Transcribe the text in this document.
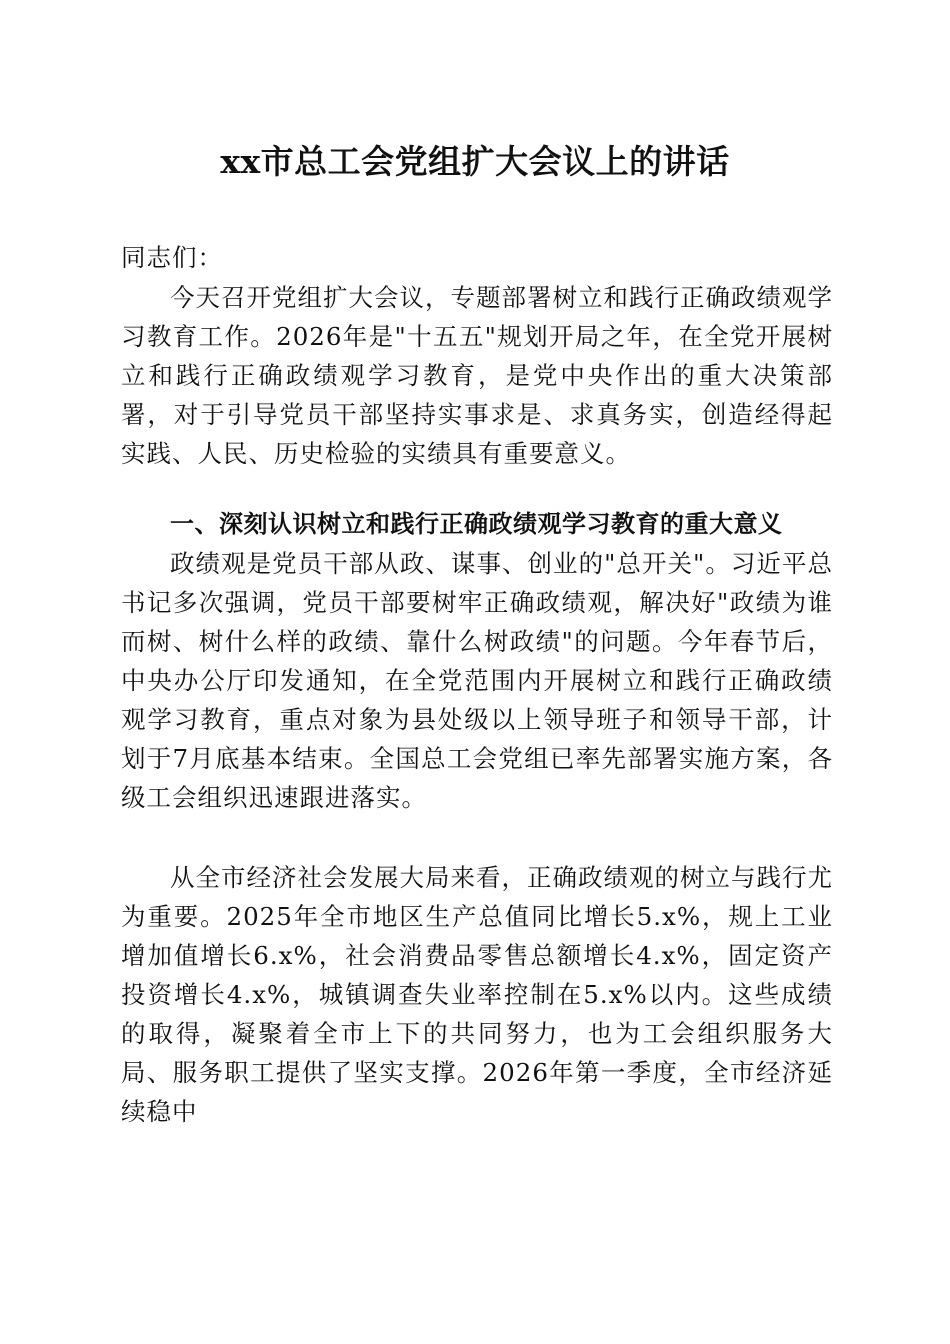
xx市总工会党组扩大会议上的讲话

同志们：

今天召开党组扩大会议，专题部署树立和践行正确政绩观学习教育工作。2026年是"十五五"规划开局之年，在全党开展树立和践行正确政绩观学习教育，是党中央作出的重大决策部署，对于引导党员干部坚持实事求是、求真务实，创造经得起实践、人民、历史检验的实绩具有重要意义。

一、深刻认识树立和践行正确政绩观学习教育的重大意义

政绩观是党员干部从政、谋事、创业的"总开关"。习近平总书记多次强调，党员干部要树牢正确政绩观，解决好"政绩为谁而树、树什么样的政绩、靠什么树政绩"的问题。今年春节后，中央办公厅印发通知，在全党范围内开展树立和践行正确政绩观学习教育，重点对象为县处级以上领导班子和领导干部，计划于7月底基本结束。全国总工会党组已率先部署实施方案，各级工会组织迅速跟进落实。

从全市经济社会发展大局来看，正确政绩观的树立与践行尤为重要。2025年全市地区生产总值同比增长5.x%，规上工业增加值增长6.x%，社会消费品零售总额增长4.x%，固定资产投资增长4.x%，城镇调查失业率控制在5.x%以内。这些成绩的取得，凝聚着全市上下的共同努力，也为工会组织服务大局、服务职工提供了坚实支撑。2026年第一季度，全市经济延续稳中
